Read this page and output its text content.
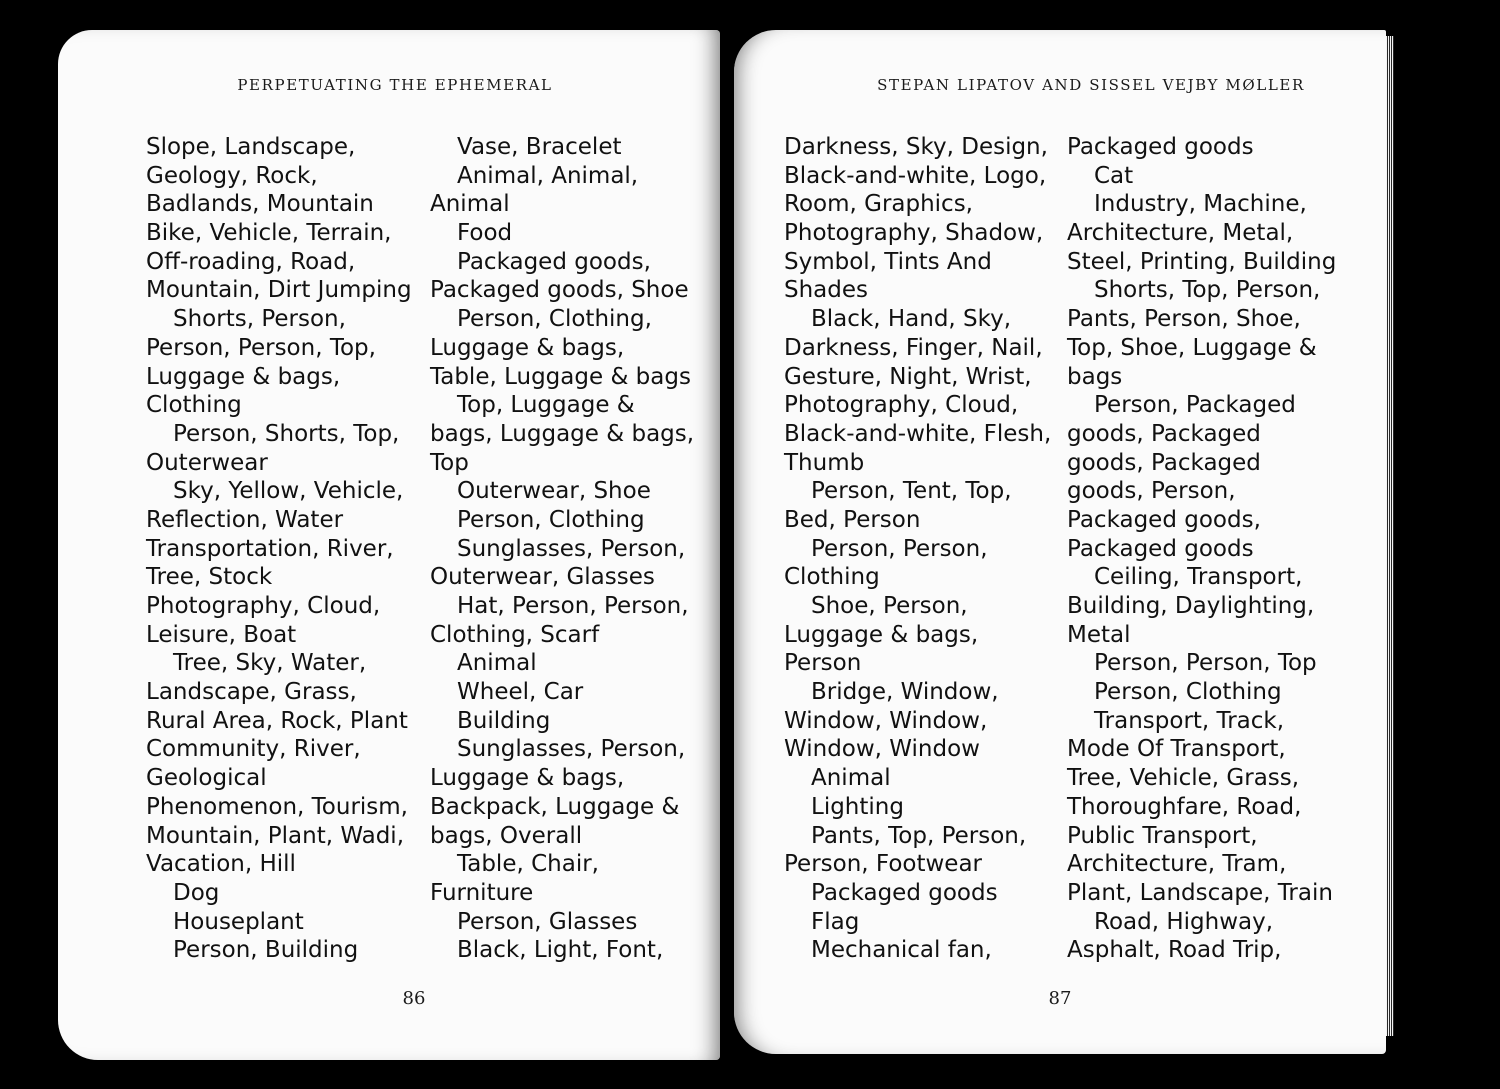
PERPETUATING THE EPHEMERAL
Slope, Landscape,
Geology, Rock,
Badlands, Mountain
Bike, Vehicle, Terrain,
Off-roading, Road,
Mountain, Dirt Jumping
Shorts, Person,
Person, Person, Top,
Luggage & bags,
Clothing
Person, Shorts, Top,
Outerwear
Sky, Yellow, Vehicle,
Reflection, Water
Transportation, River,
Tree, Stock
Photography, Cloud,
Leisure, Boat
Tree, Sky, Water,
Landscape, Grass,
Rural Area, Rock, Plant
Community, River,
Geological
Phenomenon, Tourism,
Mountain, Plant, Wadi,
Vacation, Hill
Dog
Houseplant
Person, Building
Vase, Bracelet
Animal, Animal,
Animal
Food
Packaged goods,
Packaged goods, Shoe
Person, Clothing,
Luggage & bags,
Table, Luggage & bags
Top, Luggage &
bags, Luggage & bags,
Top
Outerwear, Shoe
Person, Clothing
Sunglasses, Person,
Outerwear, Glasses
Hat, Person, Person,
Clothing, Scarf
Animal
Wheel, Car
Building
Sunglasses, Person,
Luggage & bags,
Backpack, Luggage &
bags, Overall
Table, Chair,
Furniture
Person, Glasses
Black, Light, Font,
86
STEPAN LIPATOV AND SISSEL VEJBY MØLLER
Darkness, Sky, Design,
Black-and-white, Logo,
Room, Graphics,
Photography, Shadow,
Symbol, Tints And
Shades
Black, Hand, Sky,
Darkness, Finger, Nail,
Gesture, Night, Wrist,
Photography, Cloud,
Black-and-white, Flesh,
Thumb
Person, Tent, Top,
Bed, Person
Person, Person,
Clothing
Shoe, Person,
Luggage & bags,
Person
Bridge, Window,
Window, Window,
Window, Window
Animal
Lighting
Pants, Top, Person,
Person, Footwear
Packaged goods
Flag
Mechanical fan,
Packaged goods
Cat
Industry, Machine,
Architecture, Metal,
Steel, Printing, Building
Shorts, Top, Person,
Pants, Person, Shoe,
Top, Shoe, Luggage &
bags
Person, Packaged
goods, Packaged
goods, Packaged
goods, Person,
Packaged goods,
Packaged goods
Ceiling, Transport,
Building, Daylighting,
Metal
Person, Person, Top
Person, Clothing
Transport, Track,
Mode Of Transport,
Tree, Vehicle, Grass,
Thoroughfare, Road,
Public Transport,
Architecture, Tram,
Plant, Landscape, Train
Road, Highway,
Asphalt, Road Trip,
87
